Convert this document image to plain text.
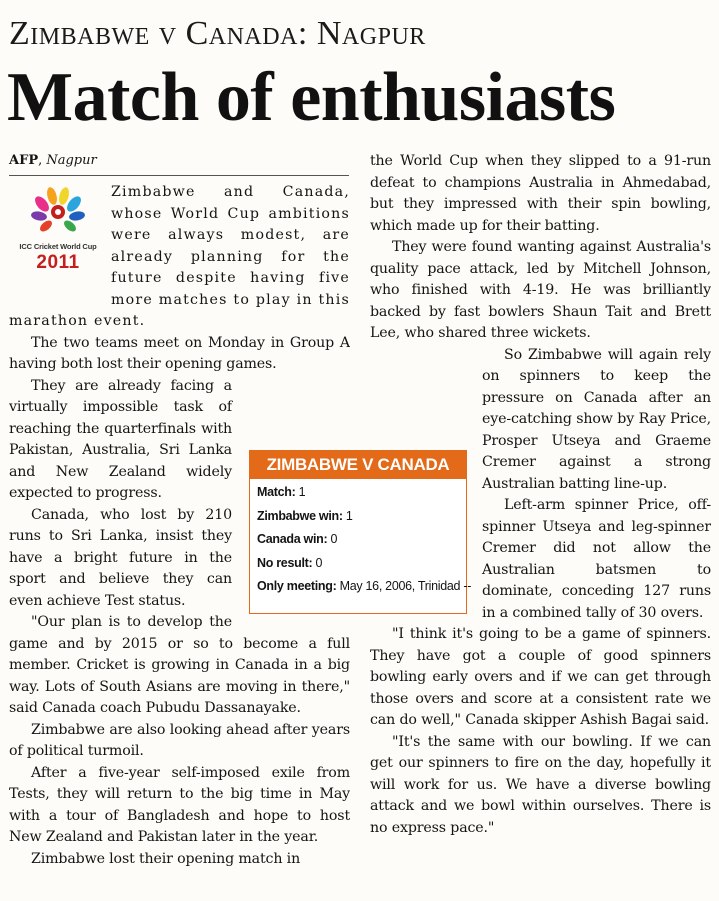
Zimbabwe v Canada: Nagpur
Match of enthusiasts
AFP, Nagpur
ICC Cricket World Cup
2011

Zimbabwe and Canada, whose World Cup ambitions were always modest, are already planning for the future despite having five more matches to play in this marathon event.

The two teams meet on Monday in Group A having both lost their opening games.

They are already facing a virtually impossible task of reaching the quarterfinals with Pakistan, Australia, Sri Lanka and New Zealand widely expected to progress.

Canada, who lost by 210 runs to Sri Lanka, insist they have a bright future in the sport and believe they can even achieve Test status.

"Our plan is to develop the game and by 2015 or so to become a full member. Cricket is growing in Canada in a big way. Lots of South Asians are moving in there," said Canada coach Pubudu Dassanayake.

Zimbabwe are also looking ahead after years of political turmoil.

After a five-year self-imposed exile from Tests, they will return to the big time in May with a tour of Bangladesh and hope to host New Zealand and Pakistan later in the year.

Zimbabwe lost their opening match in

the World Cup when they slipped to a 91-run defeat to champions Australia in Ahmedabad, but they impressed with their spin bowling, which made up for their batting.

They were found wanting against Australia's quality pace attack, led by Mitchell Johnson, who finished with 4-19. He was brilliantly backed by fast bowlers Shaun Tait and Brett Lee, who shared three wickets.

So Zimbabwe will again rely on spinners to keep the pressure on Canada after an eye-catching show by Ray Price, Prosper Utseya and Graeme Cremer against a strong Australian batting line-up.

Left-arm spinner Price, off-spinner Utseya and leg-spinner Cremer did not allow the Australian batsmen to dominate, conceding 127 runs in a combined tally of 30 overs.

"I think it's going to be a game of spinners. They have got a couple of good spinners bowling early overs and if we can get through those overs and score at a consistent rate we can do well," Canada skipper Ashish Bagai said.

"It's the same with our bowling. If we can get our spinners to fire on the day, hopefully it will work for us. We have a diverse bowling attack and we bowl within ourselves. There is no express pace."

ZIMBABWE V CANADA
Match: 1
Zimbabwe win: 1
Canada win: 0
No result: 0
Only meeting: May 16, 2006, Trinidad --
